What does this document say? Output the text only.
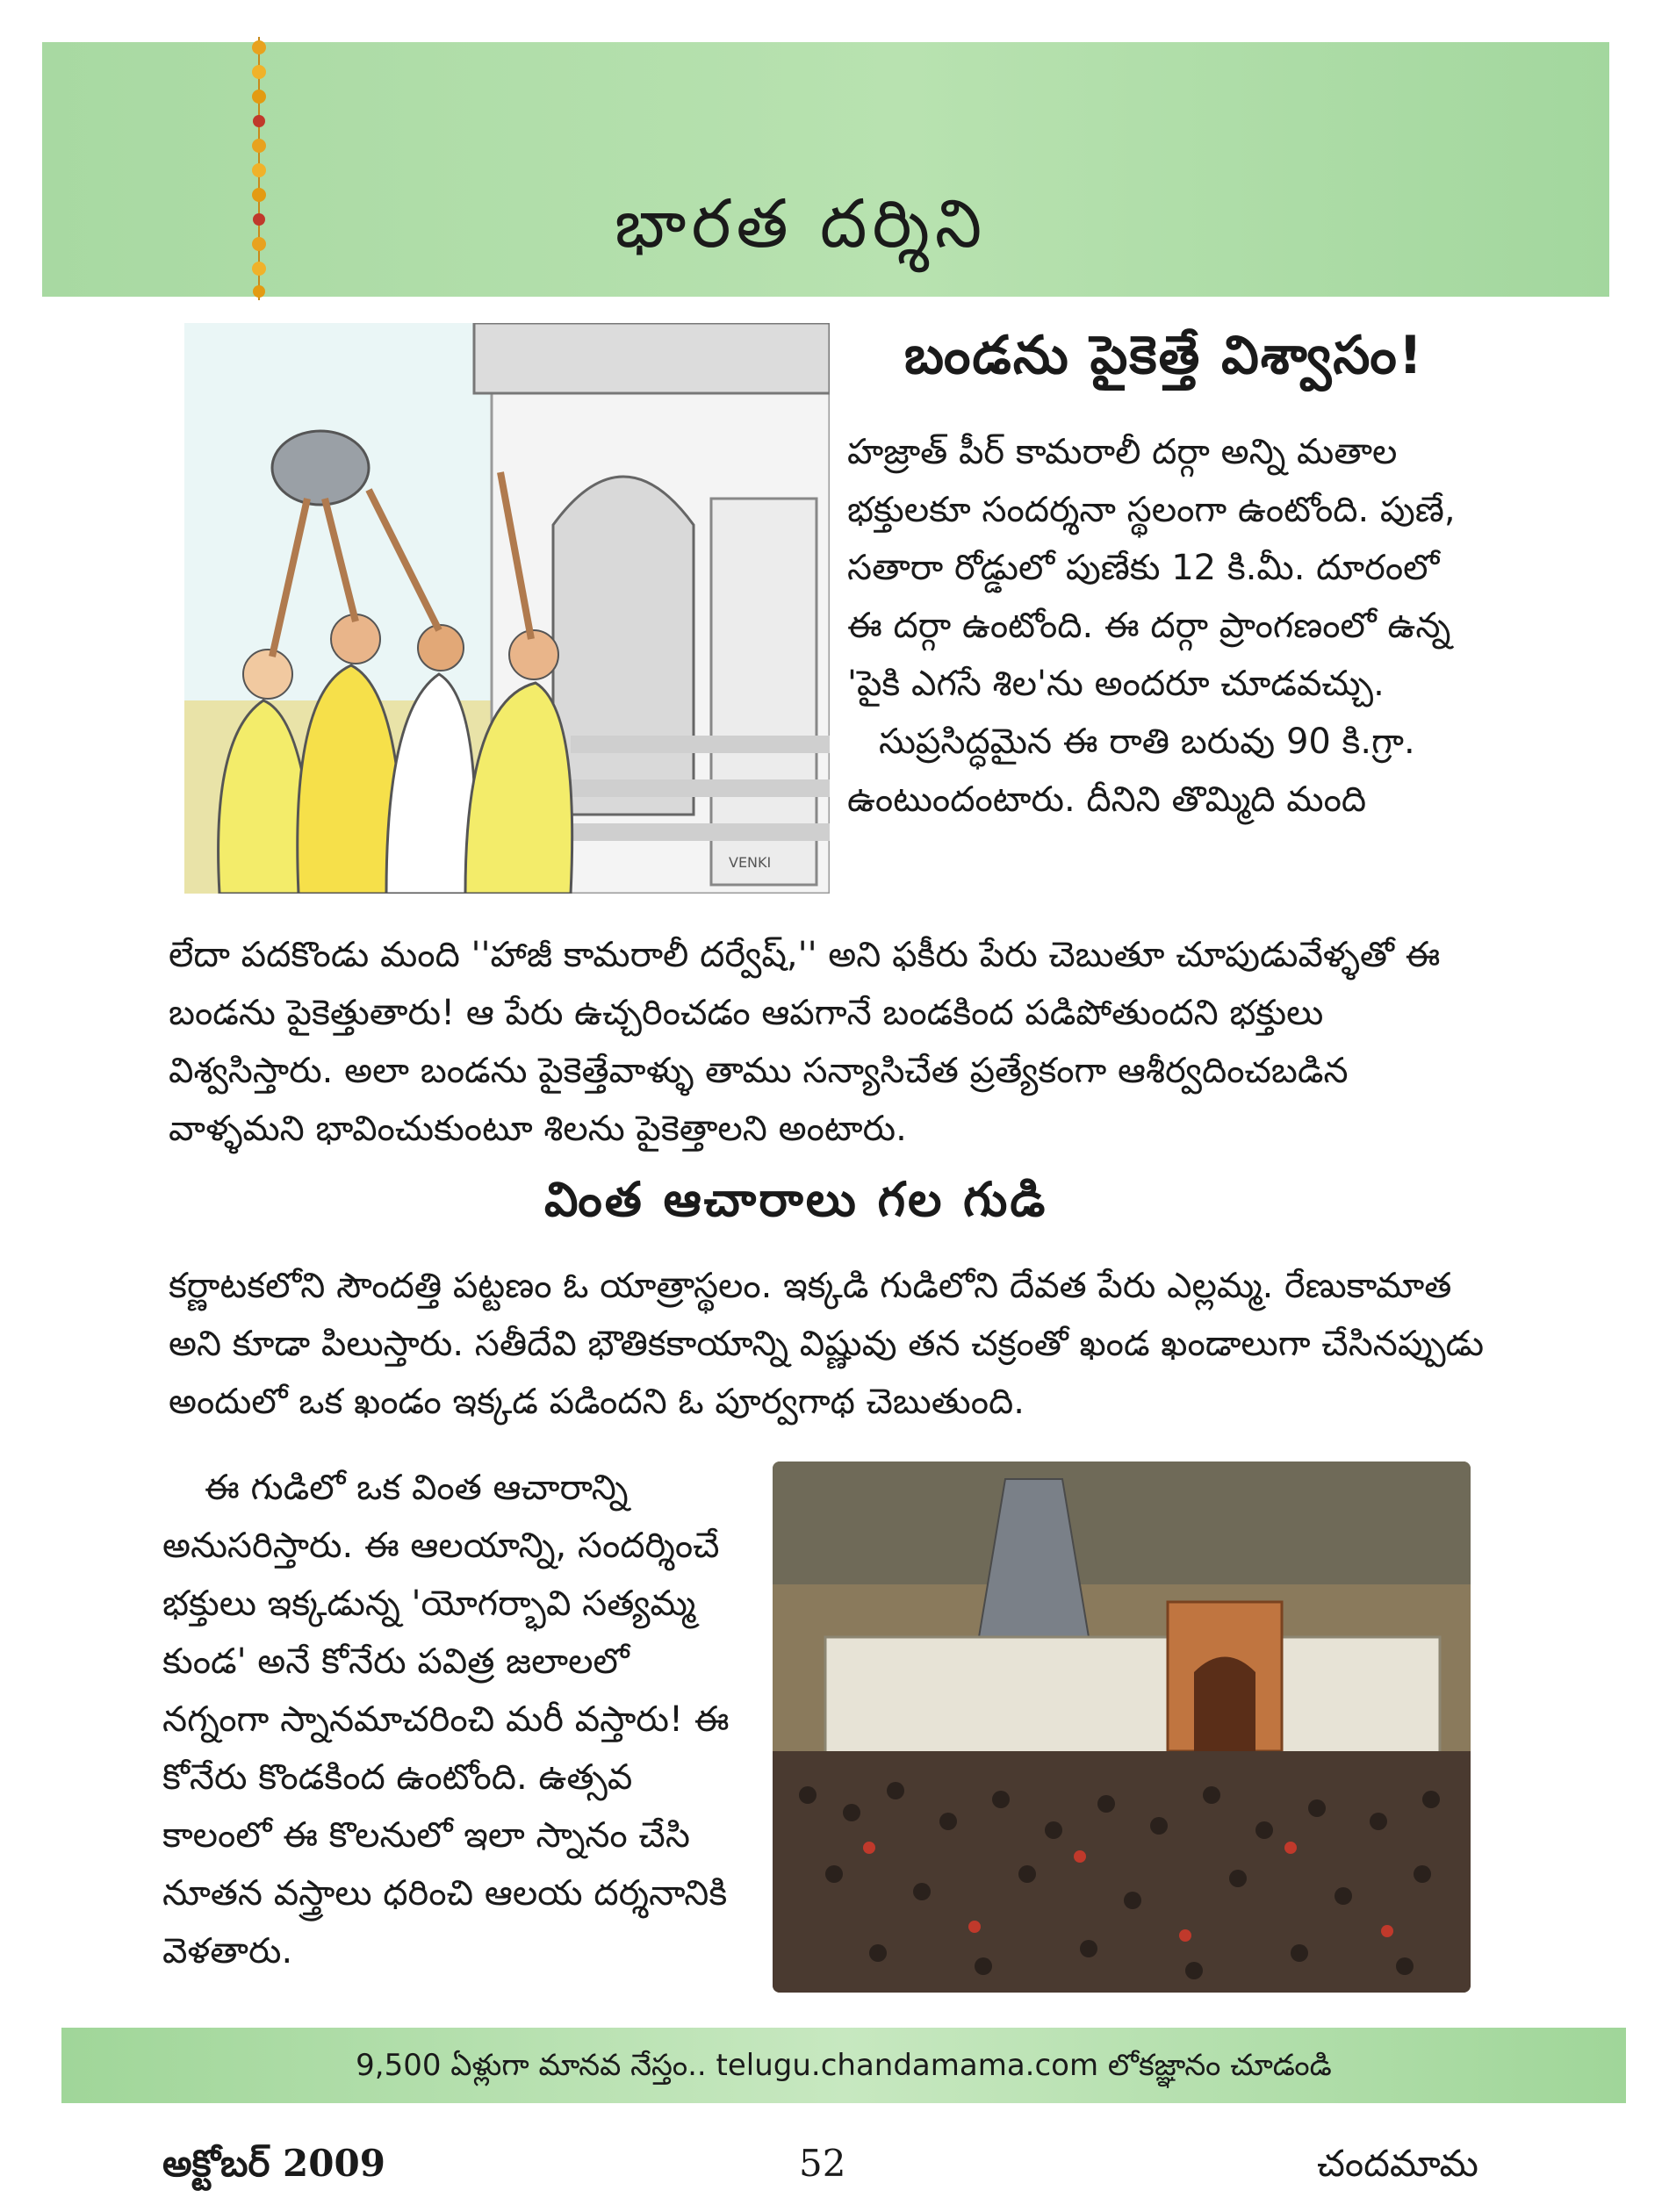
భారత దర్శిని
VENKI
బండను పైకెత్తే విశ్వాసం!
హజ్రాత్ పీర్ కామరాలీ దర్గా అన్ని మతాల భక్తులకూ సందర్శనా స్థలంగా ఉంటోంది. పుణే, సతారా రోడ్డులో పుణేకు 12 కి.మీ. దూరంలో ఈ దర్గా ఉంటోంది. ఈ దర్గా ప్రాంగణంలో ఉన్న 'పైకి ఎగసే శిల'ను అందరూ చూడవచ్చు.
సుప్రసిద్ధమైన ఈ రాతి బరువు 90 కి.గ్రా. ఉంటుందంటారు. దీనిని తొమ్మిది మంది
లేదా పదకొండు మంది ''హాజీ కామరాలీ దర్వేష్,'' అని ఫకీరు పేరు చెబుతూ చూపుడువేళ్ళతో ఈ బండను పైకెత్తుతారు! ఆ పేరు ఉచ్చరించడం ఆపగానే బండకింద పడిపోతుందని భక్తులు విశ్వసిస్తారు. అలా బండను పైకెత్తేవాళ్ళు తాము సన్యాసిచేత ప్రత్యేకంగా ఆశీర్వదించబడిన వాళ్ళమని భావించుకుంటూ శిలను పైకెత్తాలని అంటారు.
వింత ఆచారాలు గల గుడి
కర్ణాటకలోని సౌందత్తి పట్టణం ఓ యాత్రాస్థలం. ఇక్కడి గుడిలోని దేవత పేరు ఎల్లమ్మ. రేణుకామాత అని కూడా పిలుస్తారు. సతీదేవి భౌతికకాయాన్ని విష్ణువు తన చక్రంతో ఖండ ఖండాలుగా చేసినప్పుడు అందులో ఒక ఖండం ఇక్కడ పడిందని ఓ పూర్వగాథ చెబుతుంది.
ఈ గుడిలో ఒక వింత ఆచారాన్ని అనుసరిస్తారు. ఈ ఆలయాన్ని, సందర్శించే భక్తులు ఇక్కడున్న 'యోగర్భావి సత్యమ్మ కుండ' అనే కోనేరు పవిత్ర జలాలలో నగ్నంగా స్నానమాచరించి మరీ వస్తారు! ఈ కోనేరు కొండకింద ఉంటోంది. ఉత్సవ కాలంలో ఈ కొలనులో ఇలా స్నానం చేసి నూతన వస్త్రాలు ధరించి ఆలయ దర్శనానికి వెళతారు.
9,500 ఏళ్లుగా మానవ నేస్తం.. telugu.chandamama.com లోకజ్ఞానం చూడండి
అక్టోబర్ 2009	52	చందమామ
